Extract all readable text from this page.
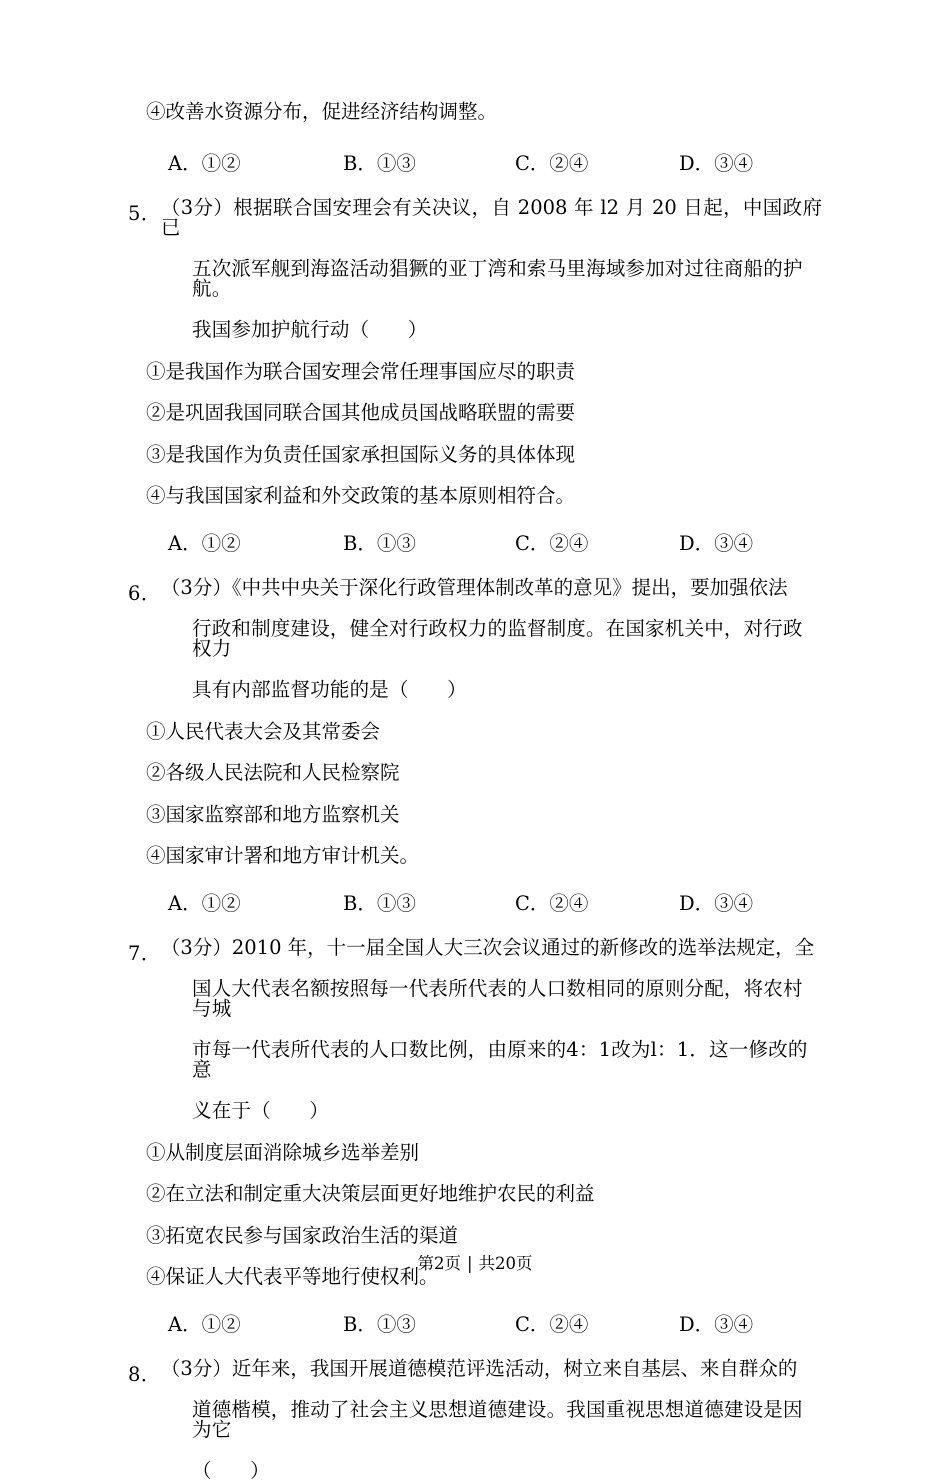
④改善水资源分布，促进经济结构调整。
A．①②	B．①③	C．②④	D．③④
5． （3分）根据联合国安理会有关决议，自 2008 年 l2 月 20 日起，中国政府已
五次派军舰到海盗活动猖獗的亚丁湾和索马里海域参加对过往商船的护航。
我国参加护航行动（      ）
①是我国作为联合国安理会常任理事国应尽的职责
②是巩固我国同联合国其他成员国战略联盟的需要
③是我国作为负责任国家承担国际义务的具体体现
④与我国国家利益和外交政策的基本原则相符合。
A．①②	B．①③	C．②④	D．③④
6． （3分）《中共中央关于深化行政管理体制改革的意见》提出，要加强依法
行政和制度建设，健全对行政权力的监督制度。在国家机关中，对行政权力
具有内部监督功能的是（      ）
①人民代表大会及其常委会
②各级人民法院和人民检察院
③国家监察部和地方监察机关
④国家审计署和地方审计机关。
A．①②	B．①③	C．②④	D．③④
7． （3分）2010 年，十一届全国人大三次会议通过的新修改的选举法规定，全
国人大代表名额按照每一代表所代表的人口数相同的原则分配，将农村与城
市每一代表所代表的人口数比例，由原来的4：1改为l：1．这一修改的意
义在于（      ）
①从制度层面消除城乡选举差别
②在立法和制定重大决策层面更好地维护农民的利益
③拓宽农民参与国家政治生活的渠道
④保证人大代表平等地行使权利。
A．①②	B．①③	C．②④	D．③④
8． （3分）近年来，我国开展道德模范评选活动，树立来自基层、来自群众的
道德楷模，推动了社会主义思想道德建设。我国重视思想道德建设是因为它
（      ）
第2页 | 共20页
